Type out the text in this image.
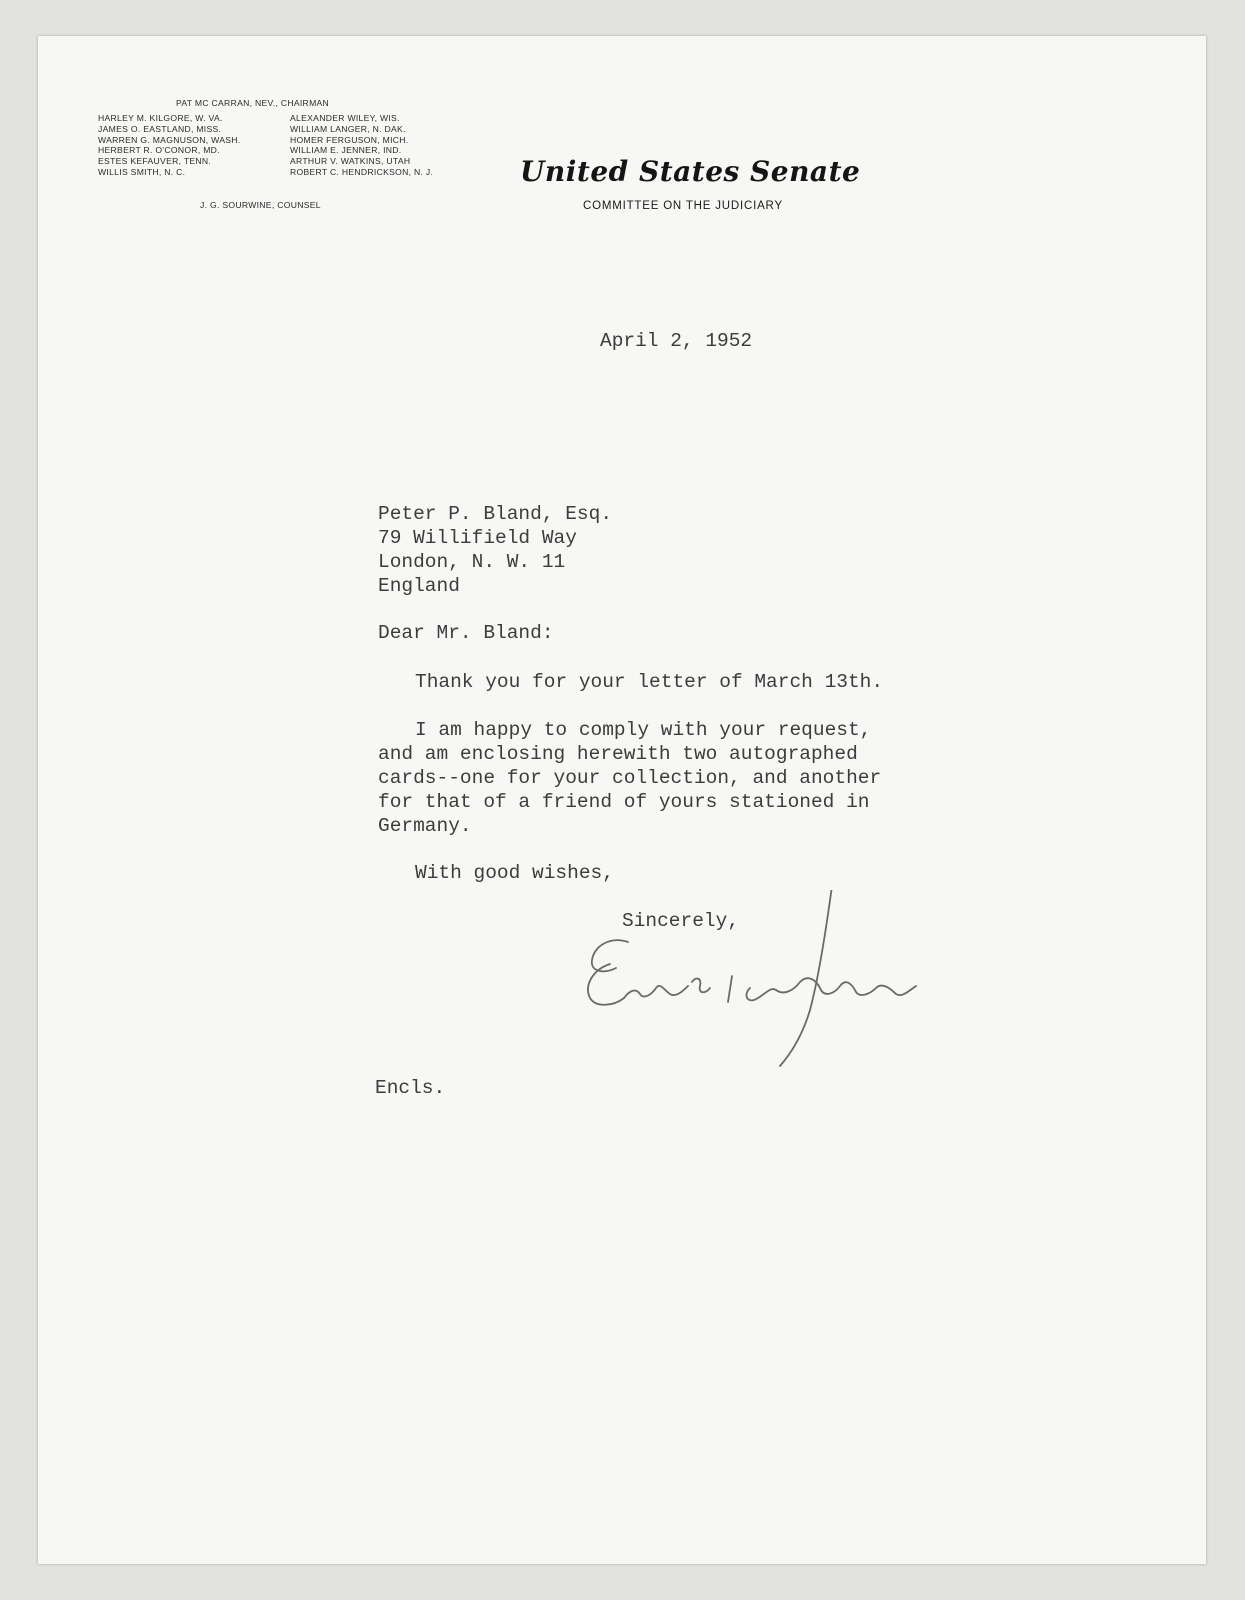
PAT MC CARRAN, NEV., CHAIRMAN
HARLEY M. KILGORE, W. VA.
JAMES O. EASTLAND, MISS.
WARREN G. MAGNUSON, WASH.
HERBERT R. O'CONOR, MD.
ESTES KEFAUVER, TENN.
WILLIS SMITH, N. C.
ALEXANDER WILEY, WIS.
WILLIAM LANGER, N. DAK.
HOMER FERGUSON, MICH.
WILLIAM E. JENNER, IND.
ARTHUR V. WATKINS, UTAH
ROBERT C. HENDRICKSON, N. J.
J. G. SOURWINE, COUNSEL
United States Senate
COMMITTEE ON THE JUDICIARY
April 2, 1952
Peter P. Bland, Esq.
79 Willifield Way
London, N. W. 11
England
Dear Mr. Bland:
Thank you for your letter of March 13th.
I am happy to comply with your request,
and am enclosing herewith two autographed
cards--one for your collection, and another
for that of a friend of yours stationed in
Germany.
With good wishes,
Sincerely,
Encls.
